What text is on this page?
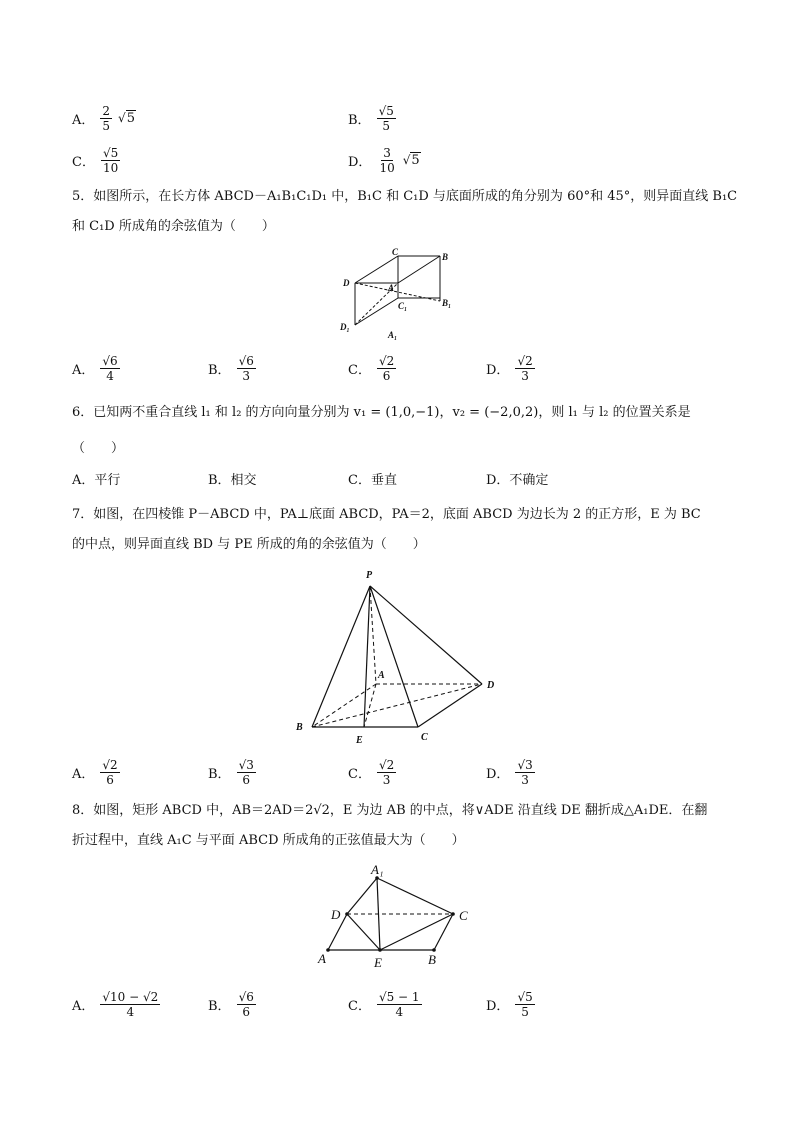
A． $\frac{2}{5} √5$	B． $\frac{√5}{5}$
C． $\frac{√5}{10}$	D． $\frac{3}{10} √5$
5．如图所示，在长方体 ABCD－A₁B₁C₁D₁ 中，B₁C 和 C₁D 与底面所成的角分别为 60°和 45°，则异面直线 B₁C
和 C₁D 所成角的余弦值为（　　）
C	B
D	A
C₁	B₁
D₁
A₁
A． $\frac{√6}{4}$	B． $\frac{√6}{3}$	C． $\frac{√2}{6}$	D． $\frac{√2}{3}$
6．已知两不重合直线 l₁ 和 l₂ 的方向向量分别为 v₁ = (1,0,−1)，v₂ = (−2,0,2)，则 l₁ 与 l₂ 的位置关系是
（　　）
A．平行	B．相交	C．垂直	D．不确定
7．如图，在四棱锥 P－ABCD 中，PA⊥底面 ABCD，PA＝2，底面 ABCD 为边长为 2 的正方形，E 为 BC
的中点，则异面直线 BD 与 PE 所成的角的余弦值为（　　）
P
A
D
B
E	C
A． $\frac{√2}{6}$	B． $\frac{√3}{6}$	C． $\frac{√2}{3}$	D． $\frac{√3}{3}$
8．如图，矩形 ABCD 中，AB＝2AD＝2√2，E 为边 AB 的中点，将∨ADE 沿直线 DE 翻折成△A₁DE．在翻
折过程中，直线 A₁C 与平面 ABCD 所成角的正弦值最大为（　　）
A₁
D	C
A	E	B
A． $\frac{√10 - √2}{4}$	B． $\frac{√6}{6}$	C． $\frac{√5 - 1}{4}$	D． $\frac{√5}{5}$
